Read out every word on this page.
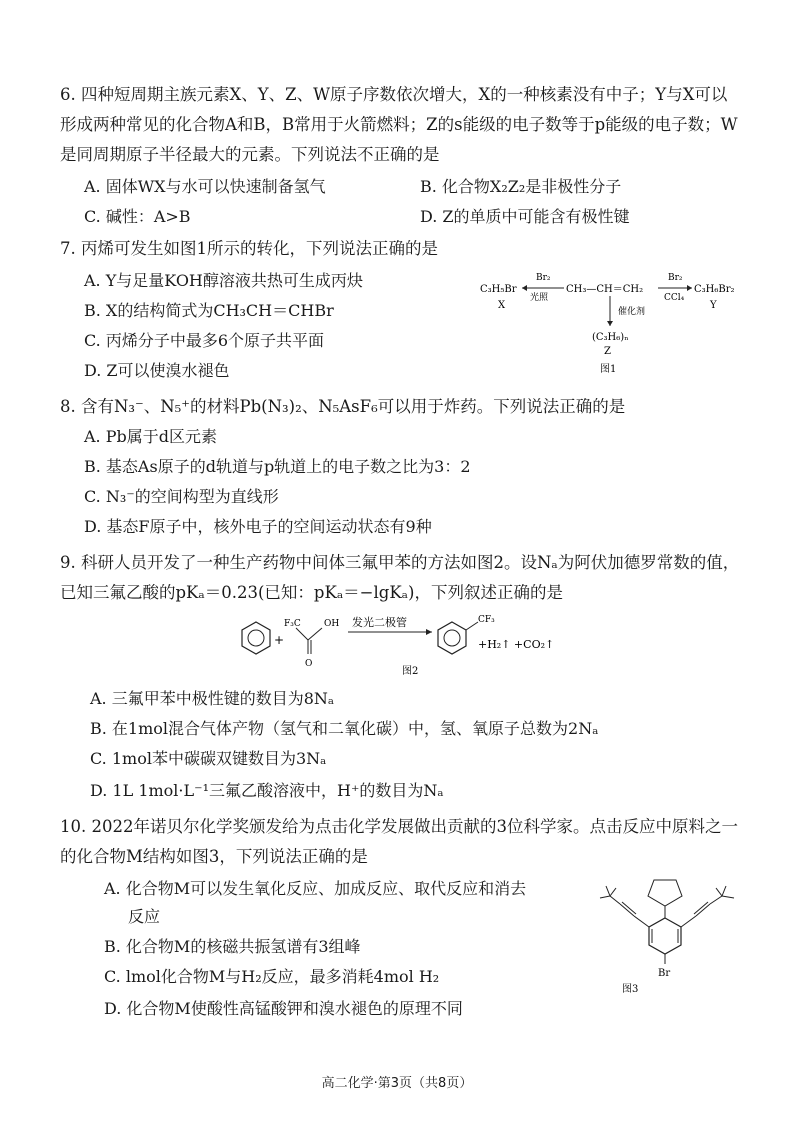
6. 四种短周期主族元素X、Y、Z、W原子序数依次增大，X的一种核素没有中子；Y与X可以形成两种常见的化合物A和B，B常用于火箭燃料；Z的s能级的电子数等于p能级的电子数；W是同周期原子半径最大的元素。下列说法不正确的是

A. 固体WX与水可以快速制备氢气	B. 化合物X₂Z₂是非极性分子
C. 碱性：A>B	D. Z的单质中可能含有极性键

7. 丙烯可发生如图1所示的转化，下列说法正确的是

A. Y与足量KOH醇溶液共热可生成丙炔
B. X的结构简式为CH₃CH＝CHBr
C. 丙烯分子中最多6个原子共平面
D. Z可以使溴水褪色
C₃H₅Br
X
Br₂
光照
CH₃—CH＝CH₂
Br₂
CCl₄
C₃H₆Br₂
Y
催化剂
(C₃H₆)ₙ
Z
图1

8. 含有N₃⁻、N₅⁺的材料Pb(N₃)₂、N₅AsF₆可以用于炸药。下列说法正确的是

A. Pb属于d区元素
B. 基态As原子的d轨道与p轨道上的电子数之比为3：2
C. N₃⁻的空间构型为直线形
D. 基态F原子中，核外电子的空间运动状态有9种

9. 科研人员开发了一种生产药物中间体三氟甲苯的方法如图2。设Nₐ为阿伏加德罗常数的值，已知三氟乙酸的pKₐ＝0.23(已知：pKₐ＝−lgKₐ)，下列叙述正确的是

+
F₃C	OH
O
发光二极管	CF₃
+H₂↑ +CO₂↑
图2
A. 三氟甲苯中极性键的数目为8Nₐ
B. 在1mol混合气体产物（氢气和二氧化碳）中，氢、氧原子总数为2Nₐ
C. 1mol苯中碳碳双键数目为3Nₐ
D. 1L 1mol·L⁻¹三氟乙酸溶液中，H⁺的数目为Nₐ

10. 2022年诺贝尔化学奖颁发给为点击化学发展做出贡献的3位科学家。点击反应中原料之一的化合物M结构如图3，下列说法正确的是

A. 化合物M可以发生氧化反应、加成反应、取代反应和消去
反应
B. 化合物M的核磁共振氢谱有3组峰
C. lmol化合物M与H₂反应，最多消耗4mol H₂
D. 化合物M使酸性高锰酸钾和溴水褪色的原理不同
Br
图3
高二化学·第3页（共8页）
